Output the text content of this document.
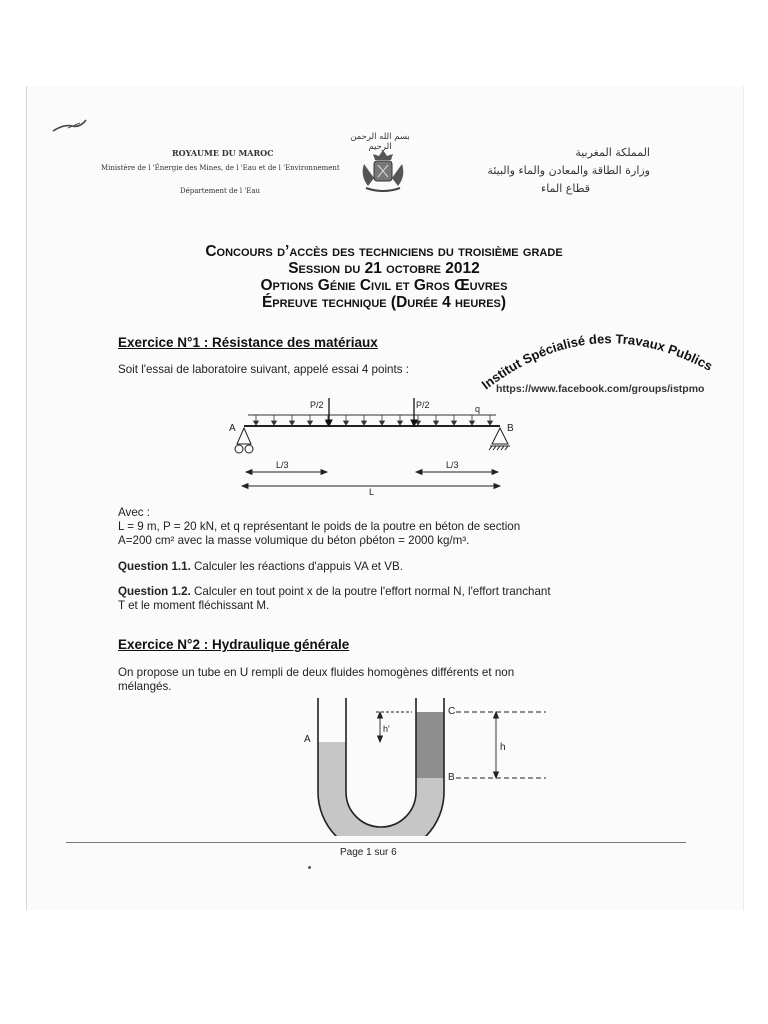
ROYAUME DU MAROC
Ministère de l 'Énergie des Mines, de l 'Eau et de l 'Environnement
Département de l 'Eau
بسم الله الرحمن الرحيم	المملكة المغربية
وزارة الطاقة والمعادن والماء والبيئة
قطاع الماء
Concours d’accès des techniciens du troisième grade
Session du 21 octobre 2012
Options Génie Civil et Gros Œuvres
Épreuve technique (Durée 4 heures)
Exercice N°1 : Résistance des matériaux
Soit l'essai de laboratoire suivant, appelé essai 4 points :
Institut Spécialisé des Travaux Publics
https://www.facebook.com/groups/istpmo
P/2	P/2	q
A	B
L/3	L/3
L
Avec :
L = 9 m, P = 20 kN, et q représentant le poids de la poutre en béton de section
A=200 cm² avec la masse volumique du béton ρbéton = 2000 kg/m³.
Question 1.1. Calculer les réactions d'appuis VA et VB.
Question 1.2. Calculer en tout point x de la poutre l'effort normal N, l'effort tranchant
T et le moment fléchissant M.
Exercice N°2 : Hydraulique générale
On propose un tube en U rempli de deux fluides homogènes différents et non
mélangés.
A
C
B
h'
h
Page 1 sur 6
